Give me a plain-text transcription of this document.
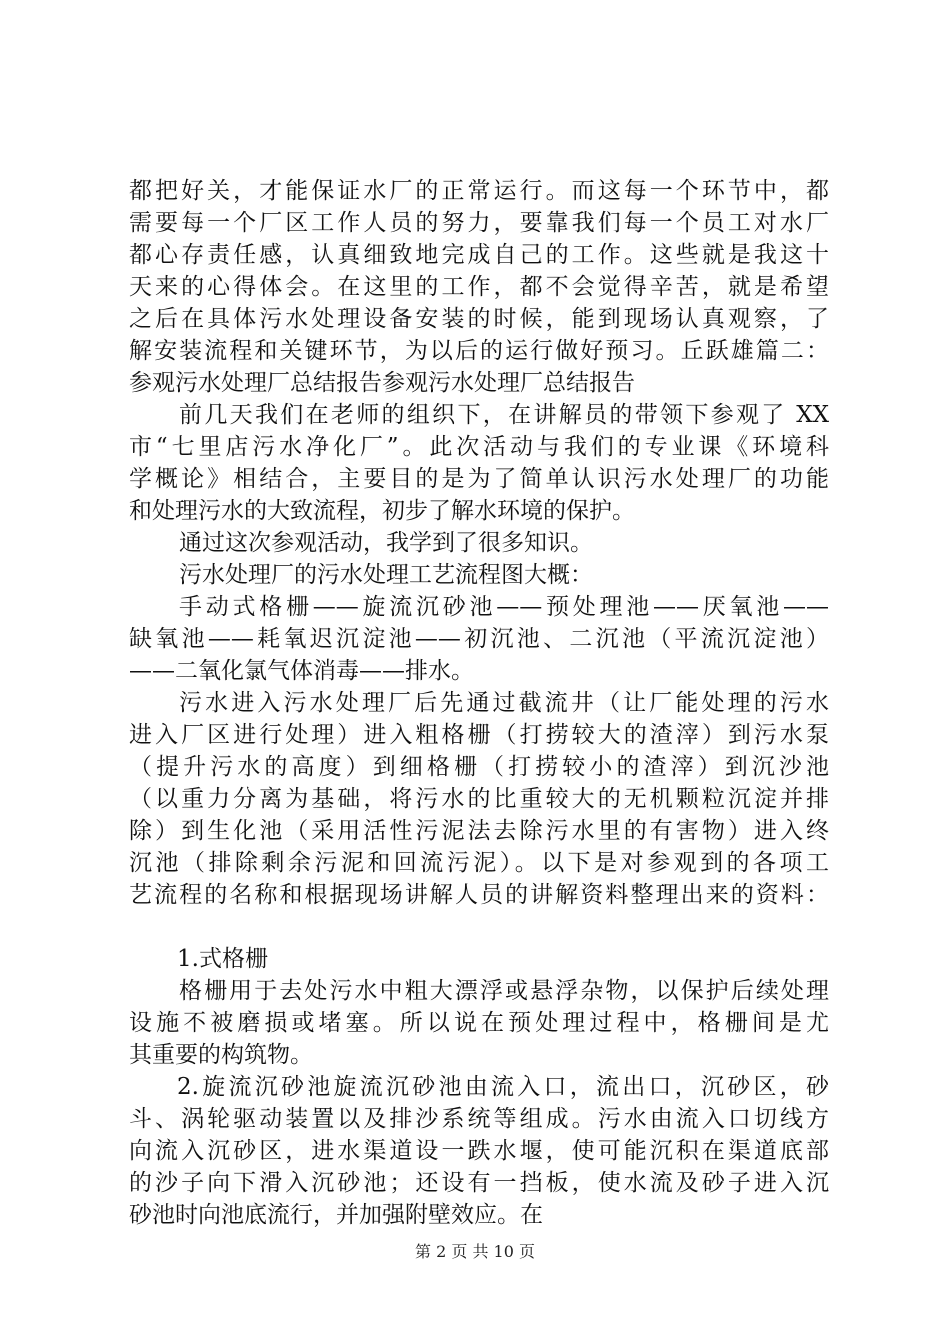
都把好关，才能保证水厂的正常运行。而这每一个环节中，都
需要每一个厂区工作人员的努力，要靠我们每一个员工对水厂
都心存责任感，认真细致地完成自己的工作。这些就是我这十
天来的心得体会。在这里的工作，都不会觉得辛苦，就是希望
之后在具体污水处理设备安装的时候，能到现场认真观察，了
解安装流程和关键环节，为以后的运行做好预习。丘跃雄篇二：
参观污水处理厂总结报告参观污水处理厂总结报告
前几天我们在老师的组织下，在讲解员的带领下参观了 XX
市“七里店污水净化厂”。此次活动与我们的专业课《环境科
学概论》相结合，主要目的是为了简单认识污水处理厂的功能
和处理污水的大致流程，初步了解水环境的保护。
通过这次参观活动，我学到了很多知识。
污水处理厂的污水处理工艺流程图大概：
手动式格栅——旋流沉砂池——预处理池——厌氧池——
缺氧池——耗氧迟沉淀池——初沉池、二沉池（平流沉淀池）
——二氧化氯气体消毒——排水。
污水进入污水处理厂后先通过截流井（让厂能处理的污水
进入厂区进行处理）进入粗格栅（打捞较大的渣滓）到污水泵
（提升污水的高度）到细格栅（打捞较小的渣滓）到沉沙池
（以重力分离为基础，将污水的比重较大的无机颗粒沉淀并排
除）到生化池（采用活性污泥法去除污水里的有害物）进入终
沉池（排除剩余污泥和回流污泥）。以下是对参观到的各项工
艺流程的名称和根据现场讲解人员的讲解资料整理出来的资料：
1.式格栅
格栅用于去处污水中粗大漂浮或悬浮杂物，以保护后续处理
设施不被磨损或堵塞。所以说在预处理过程中，格栅间是尤
其重要的构筑物。
2.旋流沉砂池旋流沉砂池由流入口，流出口，沉砂区，砂
斗、涡轮驱动装置以及排沙系统等组成。污水由流入口切线方
向流入沉砂区，进水渠道设一跌水堰，使可能沉积在渠道底部
的沙子向下滑入沉砂池；还设有一挡板，使水流及砂子进入沉
砂池时向池底流行，并加强附壁效应。在
第 2 页 共 10 页
